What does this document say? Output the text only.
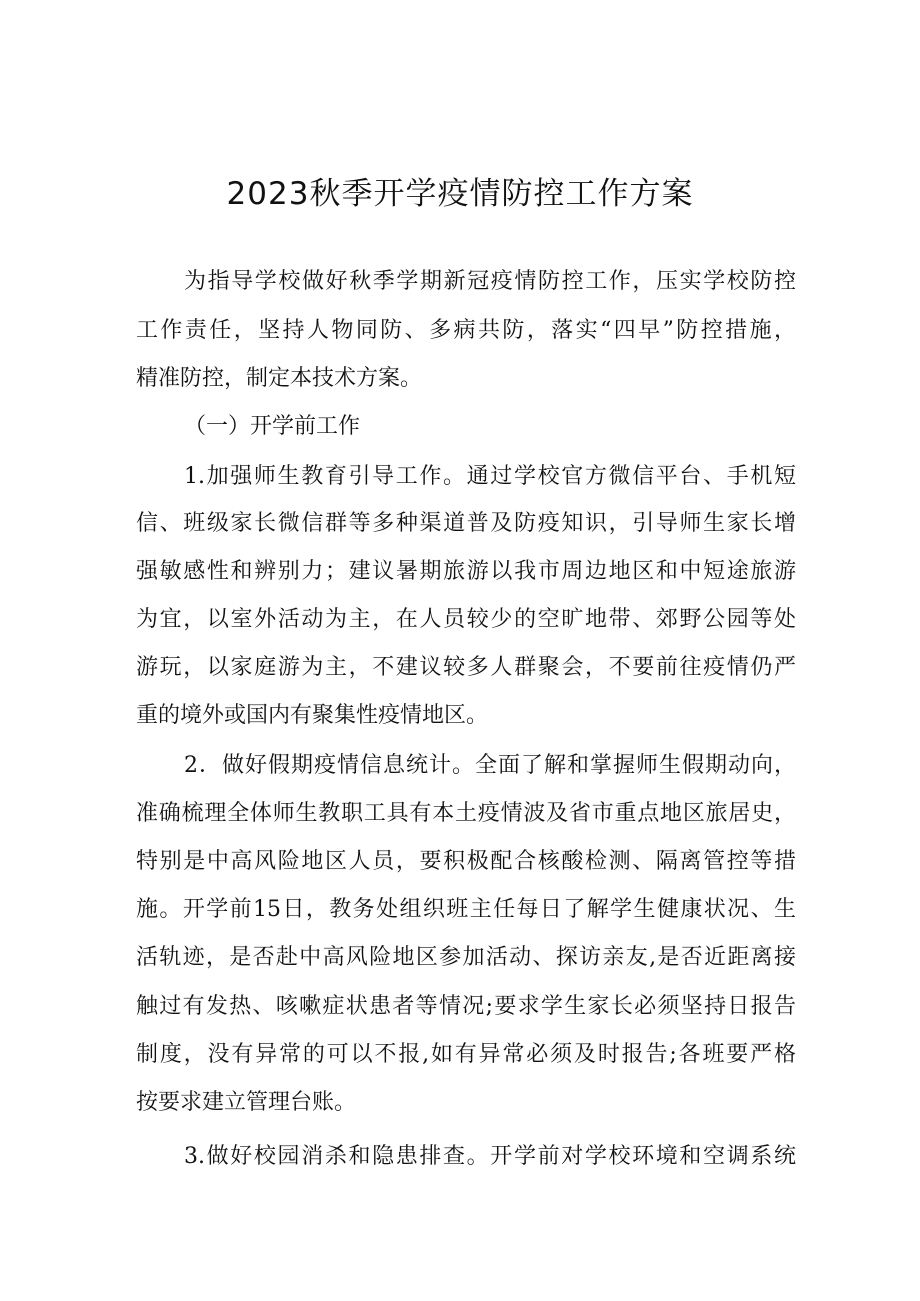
2023秋季开学疫情防控工作方案
为指导学校做好秋季学期新冠疫情防控工作，压实学校防控
工作责任，坚持人物同防、多病共防，落实“四早”防控措施，
精准防控，制定本技术方案。
（一）开学前工作
1.加强师生教育引导工作。通过学校官方微信平台、手机短
信、班级家长微信群等多种渠道普及防疫知识，引导师生家长增
强敏感性和辨别力；建议暑期旅游以我市周边地区和中短途旅游
为宜，以室外活动为主，在人员较少的空旷地带、郊野公园等处
游玩，以家庭游为主，不建议较多人群聚会，不要前往疫情仍严
重的境外或国内有聚集性疫情地区。
2．做好假期疫情信息统计。全面了解和掌握师生假期动向，
准确梳理全体师生教职工具有本土疫情波及省市重点地区旅居史，
特别是中高风险地区人员，要积极配合核酸检测、隔离管控等措
施。开学前15日，教务处组织班主任每日了解学生健康状况、生
活轨迹，是否赴中高风险地区参加活动、探访亲友,是否近距离接
触过有发热、咳嗽症状患者等情况;要求学生家长必须坚持日报告
制度，没有异常的可以不报,如有异常必须及时报告;各班要严格
按要求建立管理台账。
3.做好校园消杀和隐患排查。开学前对学校环境和空调系统
